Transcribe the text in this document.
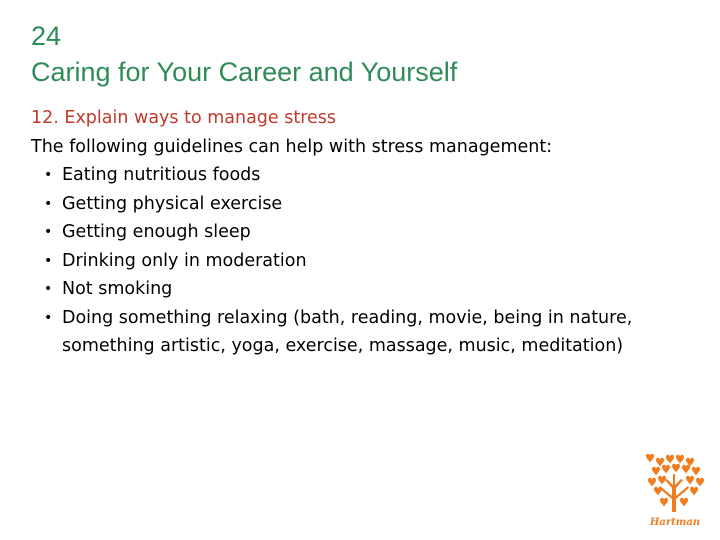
24
Caring for Your Career and Yourself
12. Explain ways to manage stress
The following guidelines can help with stress management:
• Eating nutritious foods
• Getting physical exercise
• Getting enough sleep
• Drinking only in moderation
• Not smoking
• Doing something relaxing (bath, reading, movie, being in nature, something artistic, yoga, exercise, massage, music, meditation)
Hartman
